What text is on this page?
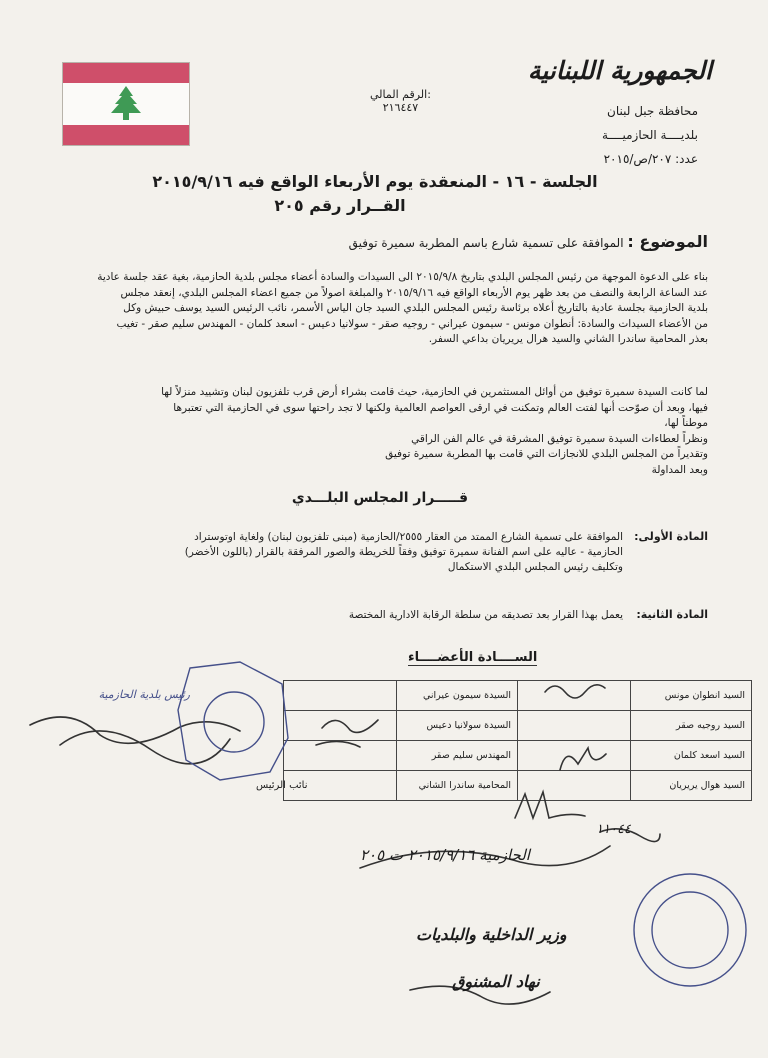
الجمهورية اللبنانية
محافظة جبل لبنان
بلديــــة الحازميــــة
عدد: ٢٠٧/ص/٢٠١٥
الرقم المالي:
٢١٦٤٤٧
الجلسة - ١٦ - المنعقدة يوم الأربعاء الواقع فيه ٢٠١٥/٩/١٦
القــرار رقم ٢٠٥
الموضوع : الموافقة على تسمية شارع باسم المطربة سميرة توفيق
بناء على الدعوة الموجهة من رئيس المجلس البلدي بتاريخ ٢٠١٥/٩/٨ الى السيدات والسادة أعضاء مجلس بلدية الحازمية، بغية عقد جلسة عادية
عند الساعة الرابعة والنصف من بعد ظهر يوم الأربعاء الواقع فيه ٢٠١٥/٩/١٦ والمبلغة اصولاً من جميع اعضاء المجلس البلدي، إنعقد مجلس
بلدية الحازمية بجلسة عادية بالتاريخ أعلاه برئاسة رئيس المجلس البلدي السيد جان الياس الأسمر، نائب الرئيس السيد يوسف حبيش وكل
من الأعضاء السيدات والسادة: أنطوان مونس - سيمون عيراني - روجيه صقر - سولانيا دعيس - اسعد كلمان - المهندس سليم صقر - تغيب
بعذر المحامية ساندرا الشاني والسيد هرال يريريان بداعي السفر.
لما كانت السيدة سميرة توفيق من أوائل المستثمرين في الحازمية، حيث قامت بشراء أرض قرب تلفزيون لبنان وتشييد منزلاً لها
فيها، وبعد أن صوّحت أنها لفتت العالم وتمكنت في ارقى العواصم العالمية ولكنها لا تجد راحتها سوى في الحازمية التي تعتبرها
موطناً لها،
ونظراً لعطاءات السيدة سميرة توفيق المشرقة في عالم الفن الراقي
وتقديراً من المجلس البلدي للانجازات التي قامت بها المطربة سميرة توفيق
وبعد المداولة
قـــــرار المجلس البلـــدي
المادة الأولى:
الموافقة على تسمية الشارع الممتد من العقار ٢٥٥٥/الحازمية (مبنى تلفزيون لبنان) ولغاية اوتوستراد
الحازمية - عاليه على اسم الفنانة سميرة توفيق وفقاً للخريطة والصور المرفقة بالقرار (باللون الأخضر)
وتكليف رئيس المجلس البلدي الاستكمال
المادة الثانية:
يعمل بهذا القرار بعد تصديقه من سلطة الرقابة الادارية المختصة
الســــادة الأعضــــاء
السيد انطوان مونس		السيدة سيمون عيراني	
السيد روجيه صقر		السيدة سولانيا دعيس	
السيد اسعد كلمان		المهندس سليم صقر	
السيد هوال يريريان		المحامية ساندرا الشاني	
رئيس بلدية الحازمية
نائب الرئيس
١١٠٤٤
الحازمية ٢٠١٥/٩/١٦ ت ٢٠٥
وزير الداخلية والبلديات
نهاد المشنوق
